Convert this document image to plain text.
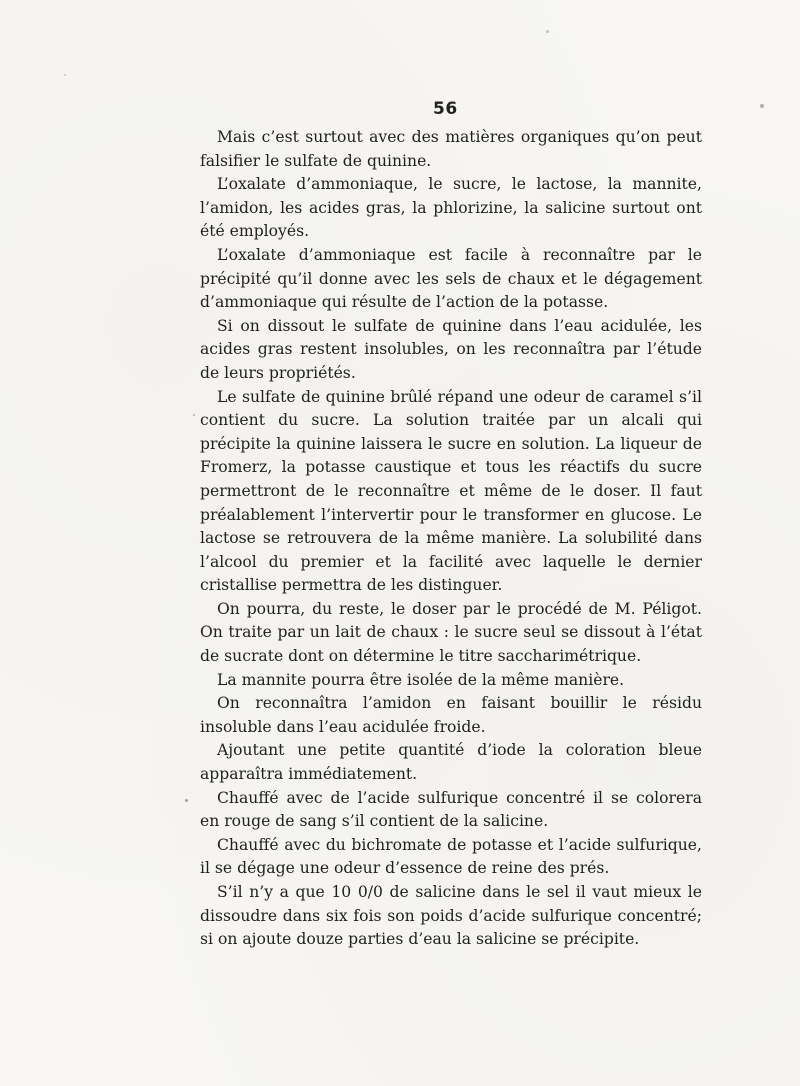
56

Mais c’est surtout avec des matières organiques qu’on peut falsifier le sulfate de quinine.

L’oxalate d’ammoniaque, le sucre, le lactose, la mannite, l’amidon, les acides gras, la phlorizine, la salicine surtout ont été employés.

L’oxalate d’ammoniaque est facile à reconnaître par le précipité qu’il donne avec les sels de chaux et le dégagement d’ammoniaque qui résulte de l’action de la potasse.

Si on dissout le sulfate de quinine dans l’eau acidulée, les acides gras restent insolubles, on les reconnaîtra par l’étude de leurs propriétés.

Le sulfate de quinine brûlé répand une odeur de caramel s’il contient du sucre. La solution traitée par un alcali qui précipite la quinine laissera le sucre en solution. La liqueur de Fromerz, la potasse caustique et tous les réactifs du sucre permettront de le reconnaître et même de le doser. Il faut préalablement l’intervertir pour le transformer en glucose. Le lactose se retrouvera de la même manière. La solubilité dans l’alcool du premier et la facilité avec laquelle le dernier cristallise permettra de les distinguer.

On pourra, du reste, le doser par le procédé de M. Péligot. On traite par un lait de chaux : le sucre seul se dissout à l’état de sucrate dont on détermine le titre saccharimétrique.

La mannite pourra être isolée de la même manière.

On reconnaîtra l’amidon en faisant bouillir le résidu insoluble dans l’eau acidulée froide.

Ajoutant une petite quantité d’iode la coloration bleue apparaîtra immédiatement.

Chauffé avec de l’acide sulfurique concentré il se colorera en rouge de sang s’il contient de la salicine.

Chauffé avec du bichromate de potasse et l’acide sulfurique, il se dégage une odeur d’essence de reine des prés.

S’il n’y a que 10 0/0 de salicine dans le sel il vaut mieux le dissoudre dans six fois son poids d’acide sulfurique concentré; si on ajoute douze parties d’eau la salicine se précipite.
